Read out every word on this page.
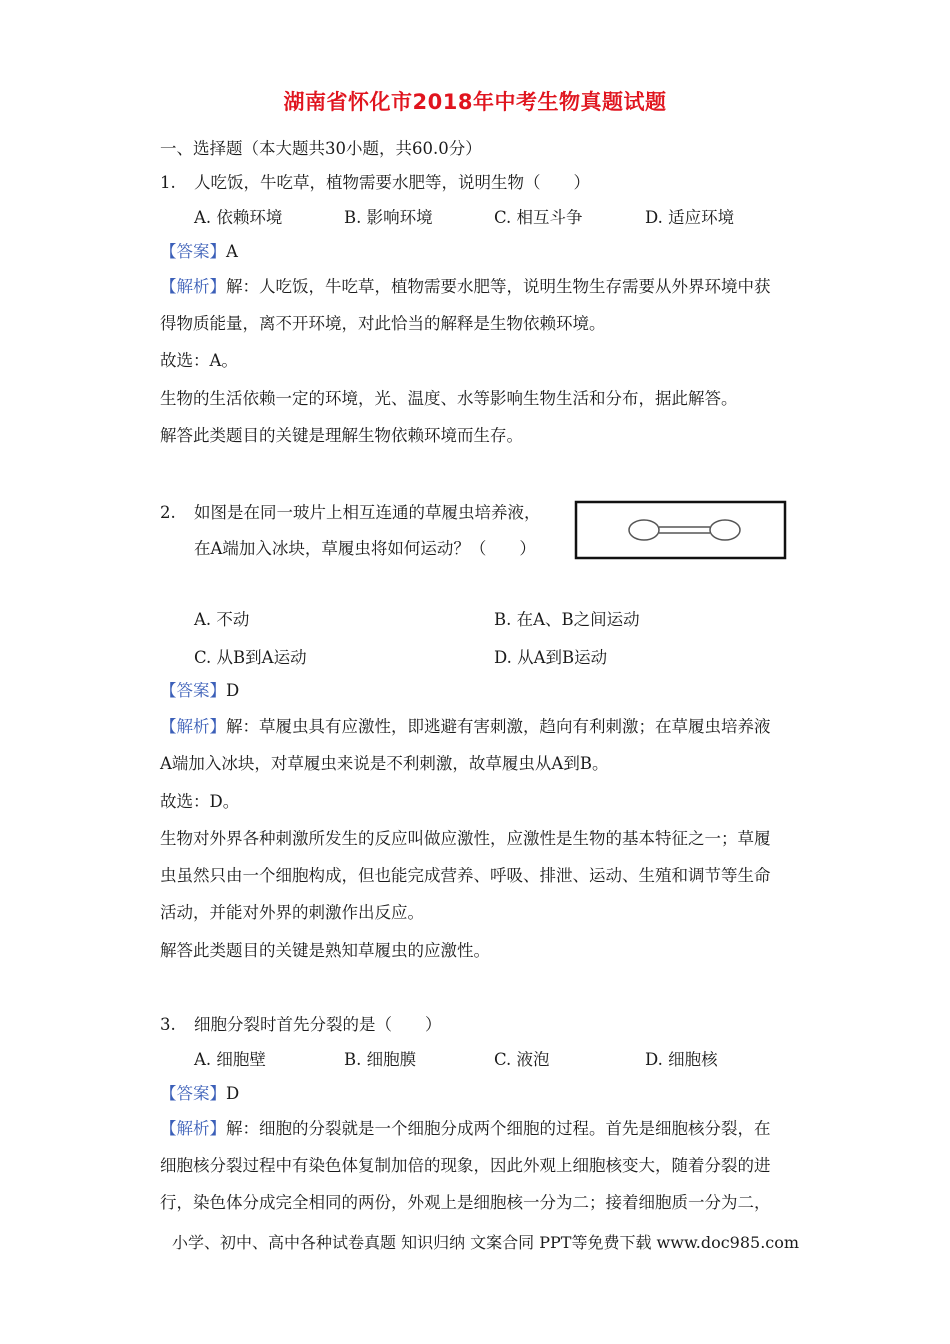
湖南省怀化市2018年中考生物真题试题
一、选择题（本大题共30小题，共60.0分）
1. 人吃饭，牛吃草，植物需要水肥等，说明生物（　　）
A. 依赖环境	B. 影响环境	C. 相互斗争	D. 适应环境
【答案】A
【解析】解：人吃饭，牛吃草，植物需要水肥等，说明生物生存需要从外界环境中获
得物质能量，离不开环境，对此恰当的解释是生物依赖环境。
故选：A。
生物的生活依赖一定的环境，光、温度、水等影响生物生活和分布，据此解答。
解答此类题目的关键是理解生物依赖环境而生存。
2. 如图是在同一玻片上相互连通的草履虫培养液，
在A端加入冰块，草履虫将如何运动？（　　）
A. 不动	B. 在A、B之间运动
C. 从B到A运动	D. 从A到B运动
【答案】D
【解析】解：草履虫具有应激性，即逃避有害刺激，趋向有利刺激；在草履虫培养液
A端加入冰块，对草履虫来说是不利刺激，故草履虫从A到B。
故选：D。
生物对外界各种刺激所发生的反应叫做应激性，应激性是生物的基本特征之一；草履
虫虽然只由一个细胞构成，但也能完成营养、呼吸、排泄、运动、生殖和调节等生命
活动，并能对外界的刺激作出反应。
解答此类题目的关键是熟知草履虫的应激性。
3. 细胞分裂时首先分裂的是（　　）
A. 细胞壁	B. 细胞膜	C. 液泡	D. 细胞核
【答案】D
【解析】解：细胞的分裂就是一个细胞分成两个细胞的过程。首先是细胞核分裂，在
细胞核分裂过程中有染色体复制加倍的现象，因此外观上细胞核变大，随着分裂的进
行，染色体分成完全相同的两份，外观上是细胞核一分为二；接着细胞质一分为二，
小学、初中、高中各种试卷真题 知识归纳 文案合同 PPT等免费下载 www.doc985.com
